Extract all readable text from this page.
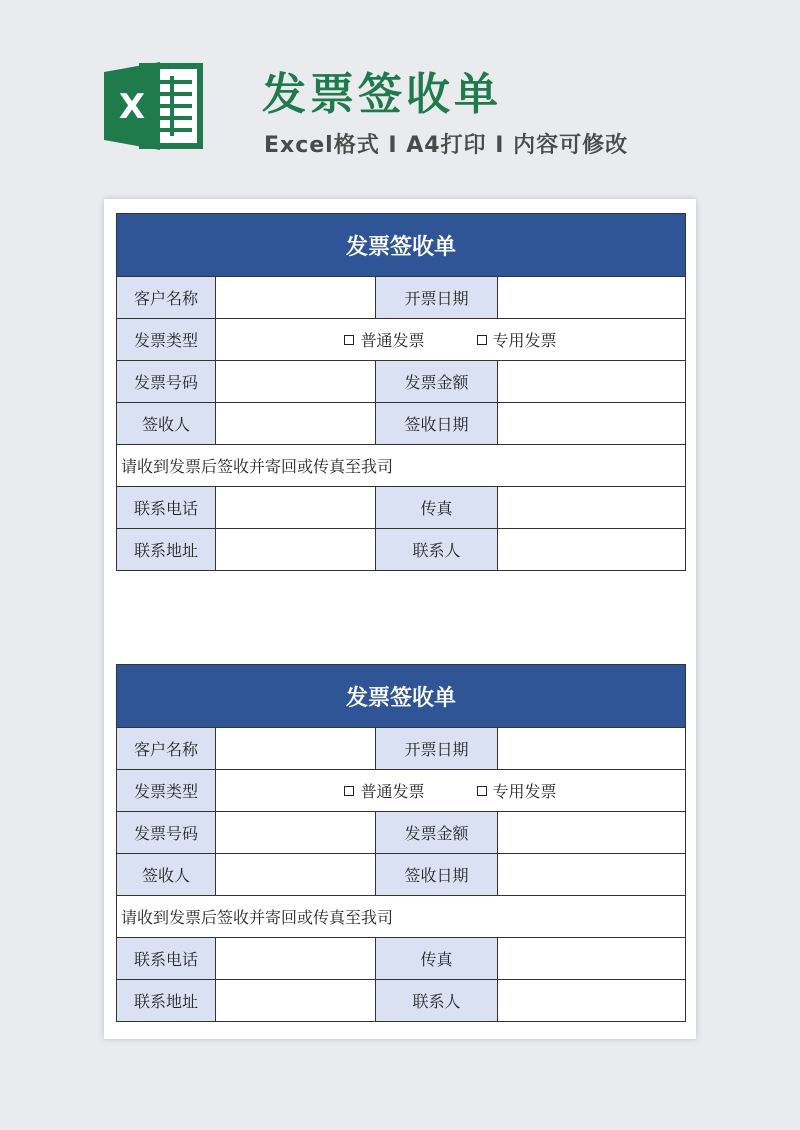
X	发票签收单
Excel格式 I A4打印 I 内容可修改
发票签收单
客户名称	开票日期
发票类型	普通发票	专用发票
发票号码	发票金额
签收人	签收日期
请收到发票后签收并寄回或传真至我司
联系电话	传真
联系地址	联系人
发票签收单
客户名称	开票日期
发票类型	普通发票	专用发票
发票号码	发票金额
签收人	签收日期
请收到发票后签收并寄回或传真至我司
联系电话	传真
联系地址	联系人
